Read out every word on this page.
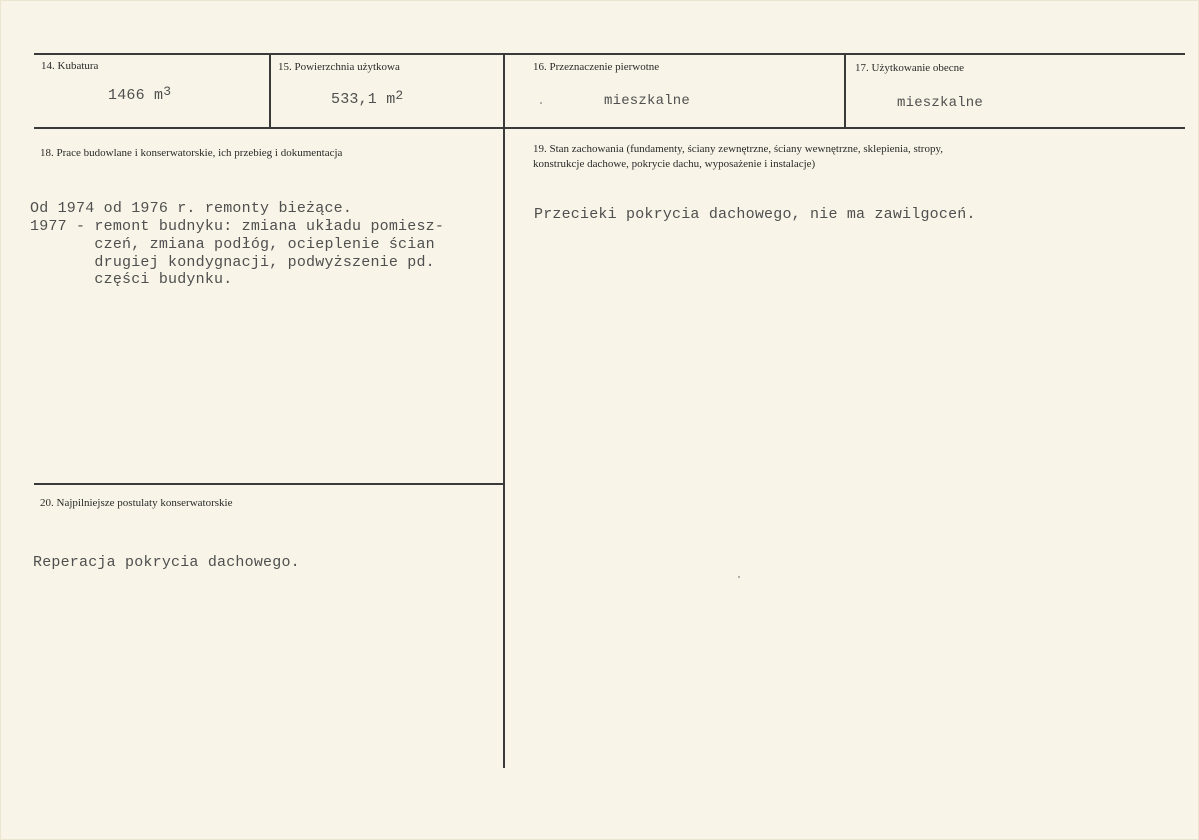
14. Kubatura
1466 $m^3$
15. Powierzchnia użytkowa
533,1 $m^2$
16. Przeznaczenie pierwotne
mieszkalne
17. Użytkowanie obecne
mieszkalne
18. Prace budowlane i konserwatorskie, ich przebieg i dokumentacja
Od 1974 od 1976 r. remonty bieżące.
1977 - remont budnyku: zmiana układu pomiesz-
czeń, zmiana podłóg, ocieplenie ścian
drugiej kondygnacji, podwyższenie pd.
części budynku.
19. Stan zachowania (fundamenty, ściany zewnętrzne, ściany wewnętrzne, sklepienia, stropy,
konstrukcje dachowe, pokrycie dachu, wyposażenie i instalacje)
Przecieki pokrycia dachowego, nie ma zawilgoceń.
20. Najpilniejsze postulaty konserwatorskie
Reperacja pokrycia dachowego.
